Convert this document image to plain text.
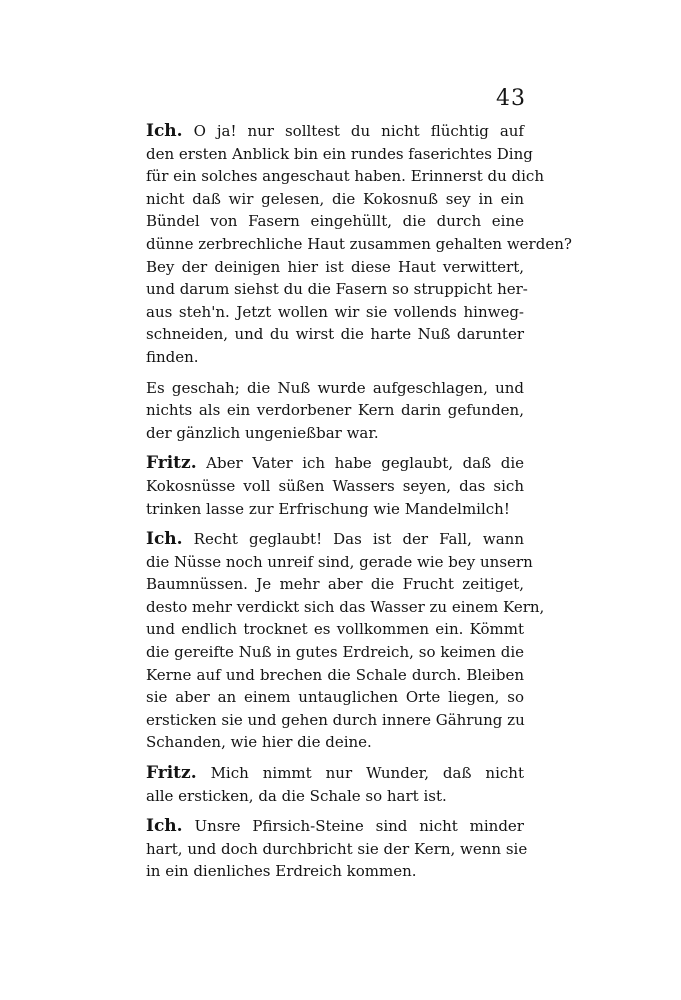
43

Ich. O ja! nur solltest du nicht flüchtig auf
den ersten Anblick bin ein rundes faserichtes Ding
für ein solches angeschaut haben. Erinnerst du dich
nicht daß wir gelesen, die Kokosnuß sey in ein
Bündel von Fasern eingehüllt, die durch eine
dünne zerbrechliche Haut zusammen gehalten werden?
Bey der deinigen hier ist diese Haut verwittert,
und darum siehst du die Fasern so struppicht her-
aus steh'n. Jetzt wollen wir sie vollends hinweg-
schneiden, und du wirst die harte Nuß darunter
finden.

Es geschah; die Nuß wurde aufgeschlagen, und
nichts als ein verdorbener Kern darin gefunden,
der gänzlich ungenießbar war.

Fritz. Aber Vater ich habe geglaubt, daß die
Kokosnüsse voll süßen Wassers seyen, das sich
trinken lasse zur Erfrischung wie Mandelmilch!

Ich. Recht geglaubt! Das ist der Fall, wann
die Nüsse noch unreif sind, gerade wie bey unsern
Baumnüssen. Je mehr aber die Frucht zeitiget,
desto mehr verdickt sich das Wasser zu einem Kern,
und endlich trocknet es vollkommen ein. Kömmt
die gereifte Nuß in gutes Erdreich, so keimen die
Kerne auf und brechen die Schale durch. Bleiben
sie aber an einem untauglichen Orte liegen, so
ersticken sie und gehen durch innere Gährung zu
Schanden, wie hier die deine.

Fritz. Mich nimmt nur Wunder, daß nicht
alle ersticken, da die Schale so hart ist.

Ich. Unsre Pfirsich-Steine sind nicht minder
hart, und doch durchbricht sie der Kern, wenn sie
in ein dienliches Erdreich kommen.
